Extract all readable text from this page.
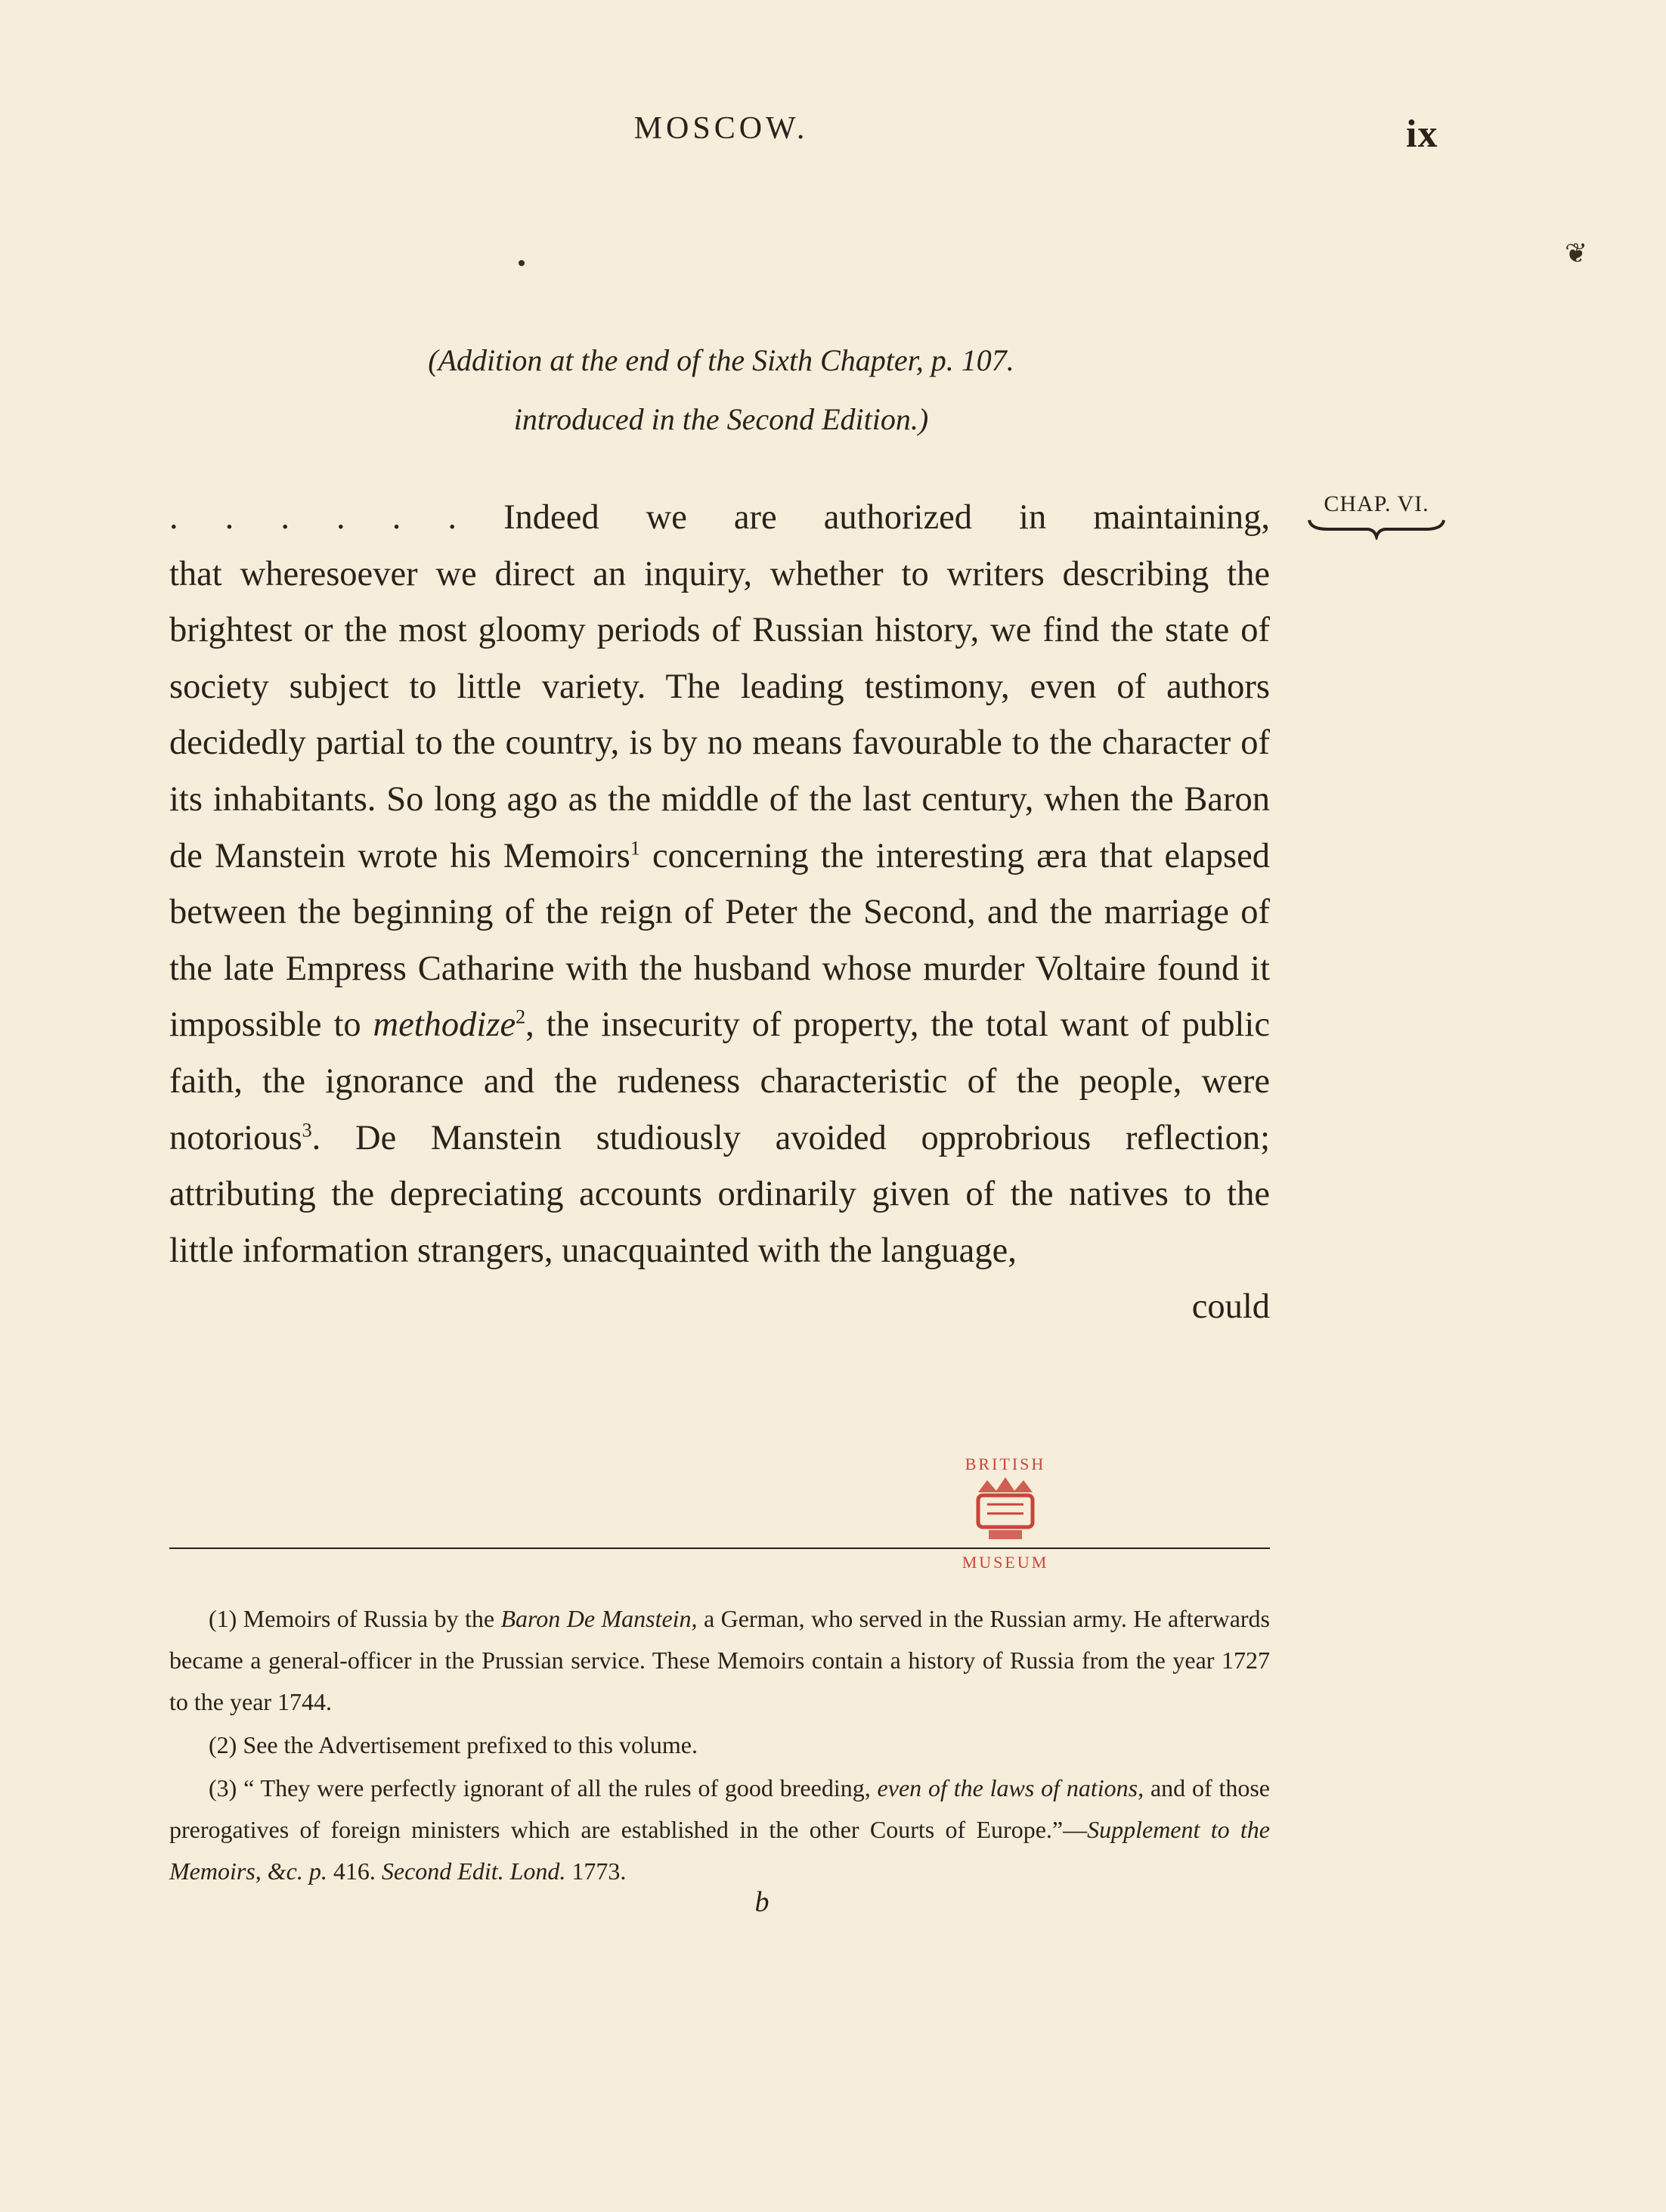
MOSCOW.	ix
❦
(Addition at the end of the Sixth Chapter, p. 107.
introduced in the Second Edition.)
CHAP. VI.

. . . . . . Indeed we are authorized in maintaining,

that wheresoever we direct an inquiry, whether to writers describing the brightest or the most gloomy periods of Russian history, we find the state of society subject to little variety. The leading testimony, even of authors decidedly partial to the country, is by no means favourable to the character of its inhabitants. So long ago as the middle of the last century, when the Baron de Manstein wrote his Memoirs$^1$ concerning the interesting æra that elapsed between the beginning of the reign of Peter the Second, and the marriage of the late Empress Catharine with the husband whose murder Voltaire found it impossible to methodize$^2$, the insecurity of property, the total want of public faith, the ignorance and the rudeness characteristic of the people, were notorious$^3$. De Manstein studiously avoided opprobrious reflection; attributing the depreciating accounts ordinarily given of the natives to the little information strangers, unacquainted with the language,

could

BRITISH
MUSEUM

(1) Memoirs of Russia by the Baron De Manstein, a German, who served in the Russian army. He afterwards became a general-officer in the Prussian service. These Memoirs contain a history of Russia from the year 1727 to the year 1744.

(2) See the Advertisement prefixed to this volume.

(3) “ They were perfectly ignorant of all the rules of good breeding, even of the laws of nations, and of those prerogatives of foreign ministers which are established in the other Courts of Europe.”—Supplement to the Memoirs, &c. p. 416. Second Edit. Lond. 1773.

b
